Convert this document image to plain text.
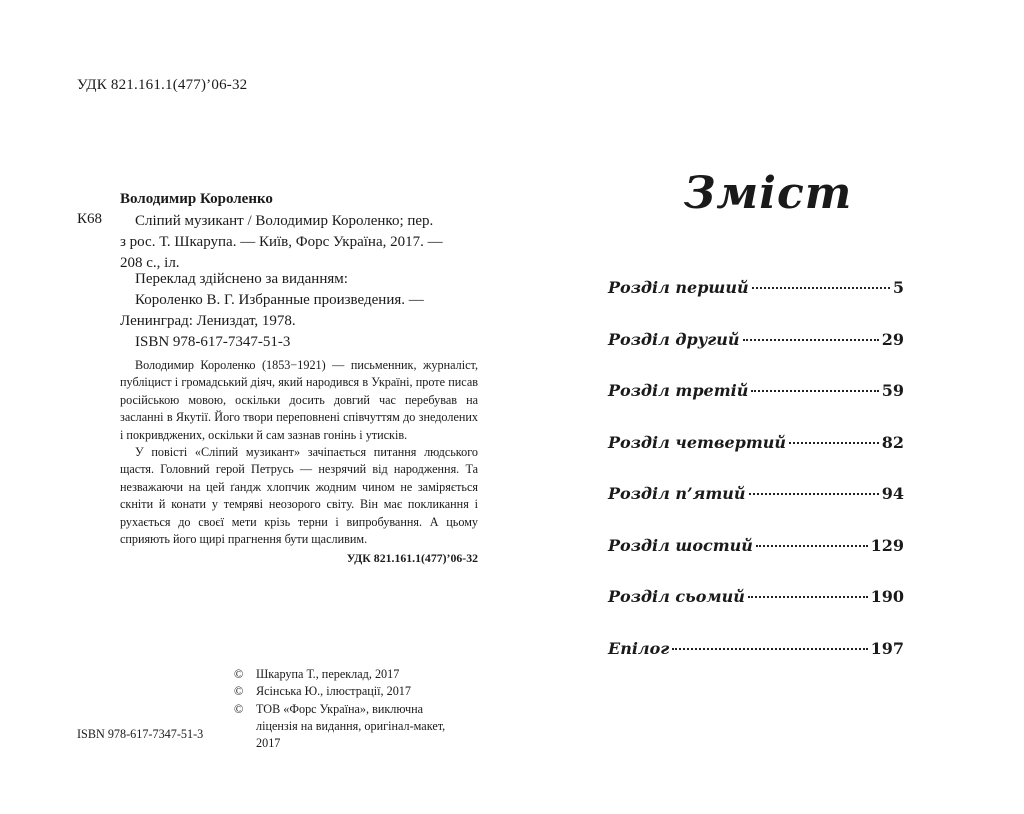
УДК 821.161.1(477)’06-32
К68
Володимир Короленко
Сліпий музикант / Володимир Короленко; пер.
з рос. Т. Шкарупа. — Київ, Форс Україна, 2017. —
208 с., іл.
Переклад здійснено за виданням:
Короленко В. Г. Избранные произведения. —
Ленинград: Лениздат, 1978.
ISBN 978-617-7347-51-3

Володимир Короленко (1853−1921) — письменник, журналіст, публіцист і громадський діяч, який народився в Україні, проте писав російською мовою, оскільки досить довгий час перебував на засланні в Якутії. Його твори переповнені співчуттям до знедолених і покривджених, оскільки й сам зазнав гонінь і утисків.

У повісті «Сліпий музикант» зачіпається питання людського щастя. Головний герой Петрусь — незрячий від народження. Та незважаючи на цей ґандж хлопчик жодним чином не заміряється скніти й конати у темряві неозорого світу. Він має покликання і рухається до своєї мети крізь терни і випробування. А цьому сприяють його щирі прагнення бути щасливим.

УДК 821.161.1(477)’06-32

©	Шкарупа Т., переклад, 2017
©	Ясінська Ю., ілюстрації, 2017
©	ТОВ «Форс Україна», виключна ліцензія на видання, оригінал-макет, 2017
ISBN 978-617-7347-51-3
Зміст
Розділ перший	5
Розділ другий	29
Розділ третій	59
Розділ четвертий	82
Розділ п’ятий	94
Розділ шостий	129
Розділ сьомий	190
Епілог	197
